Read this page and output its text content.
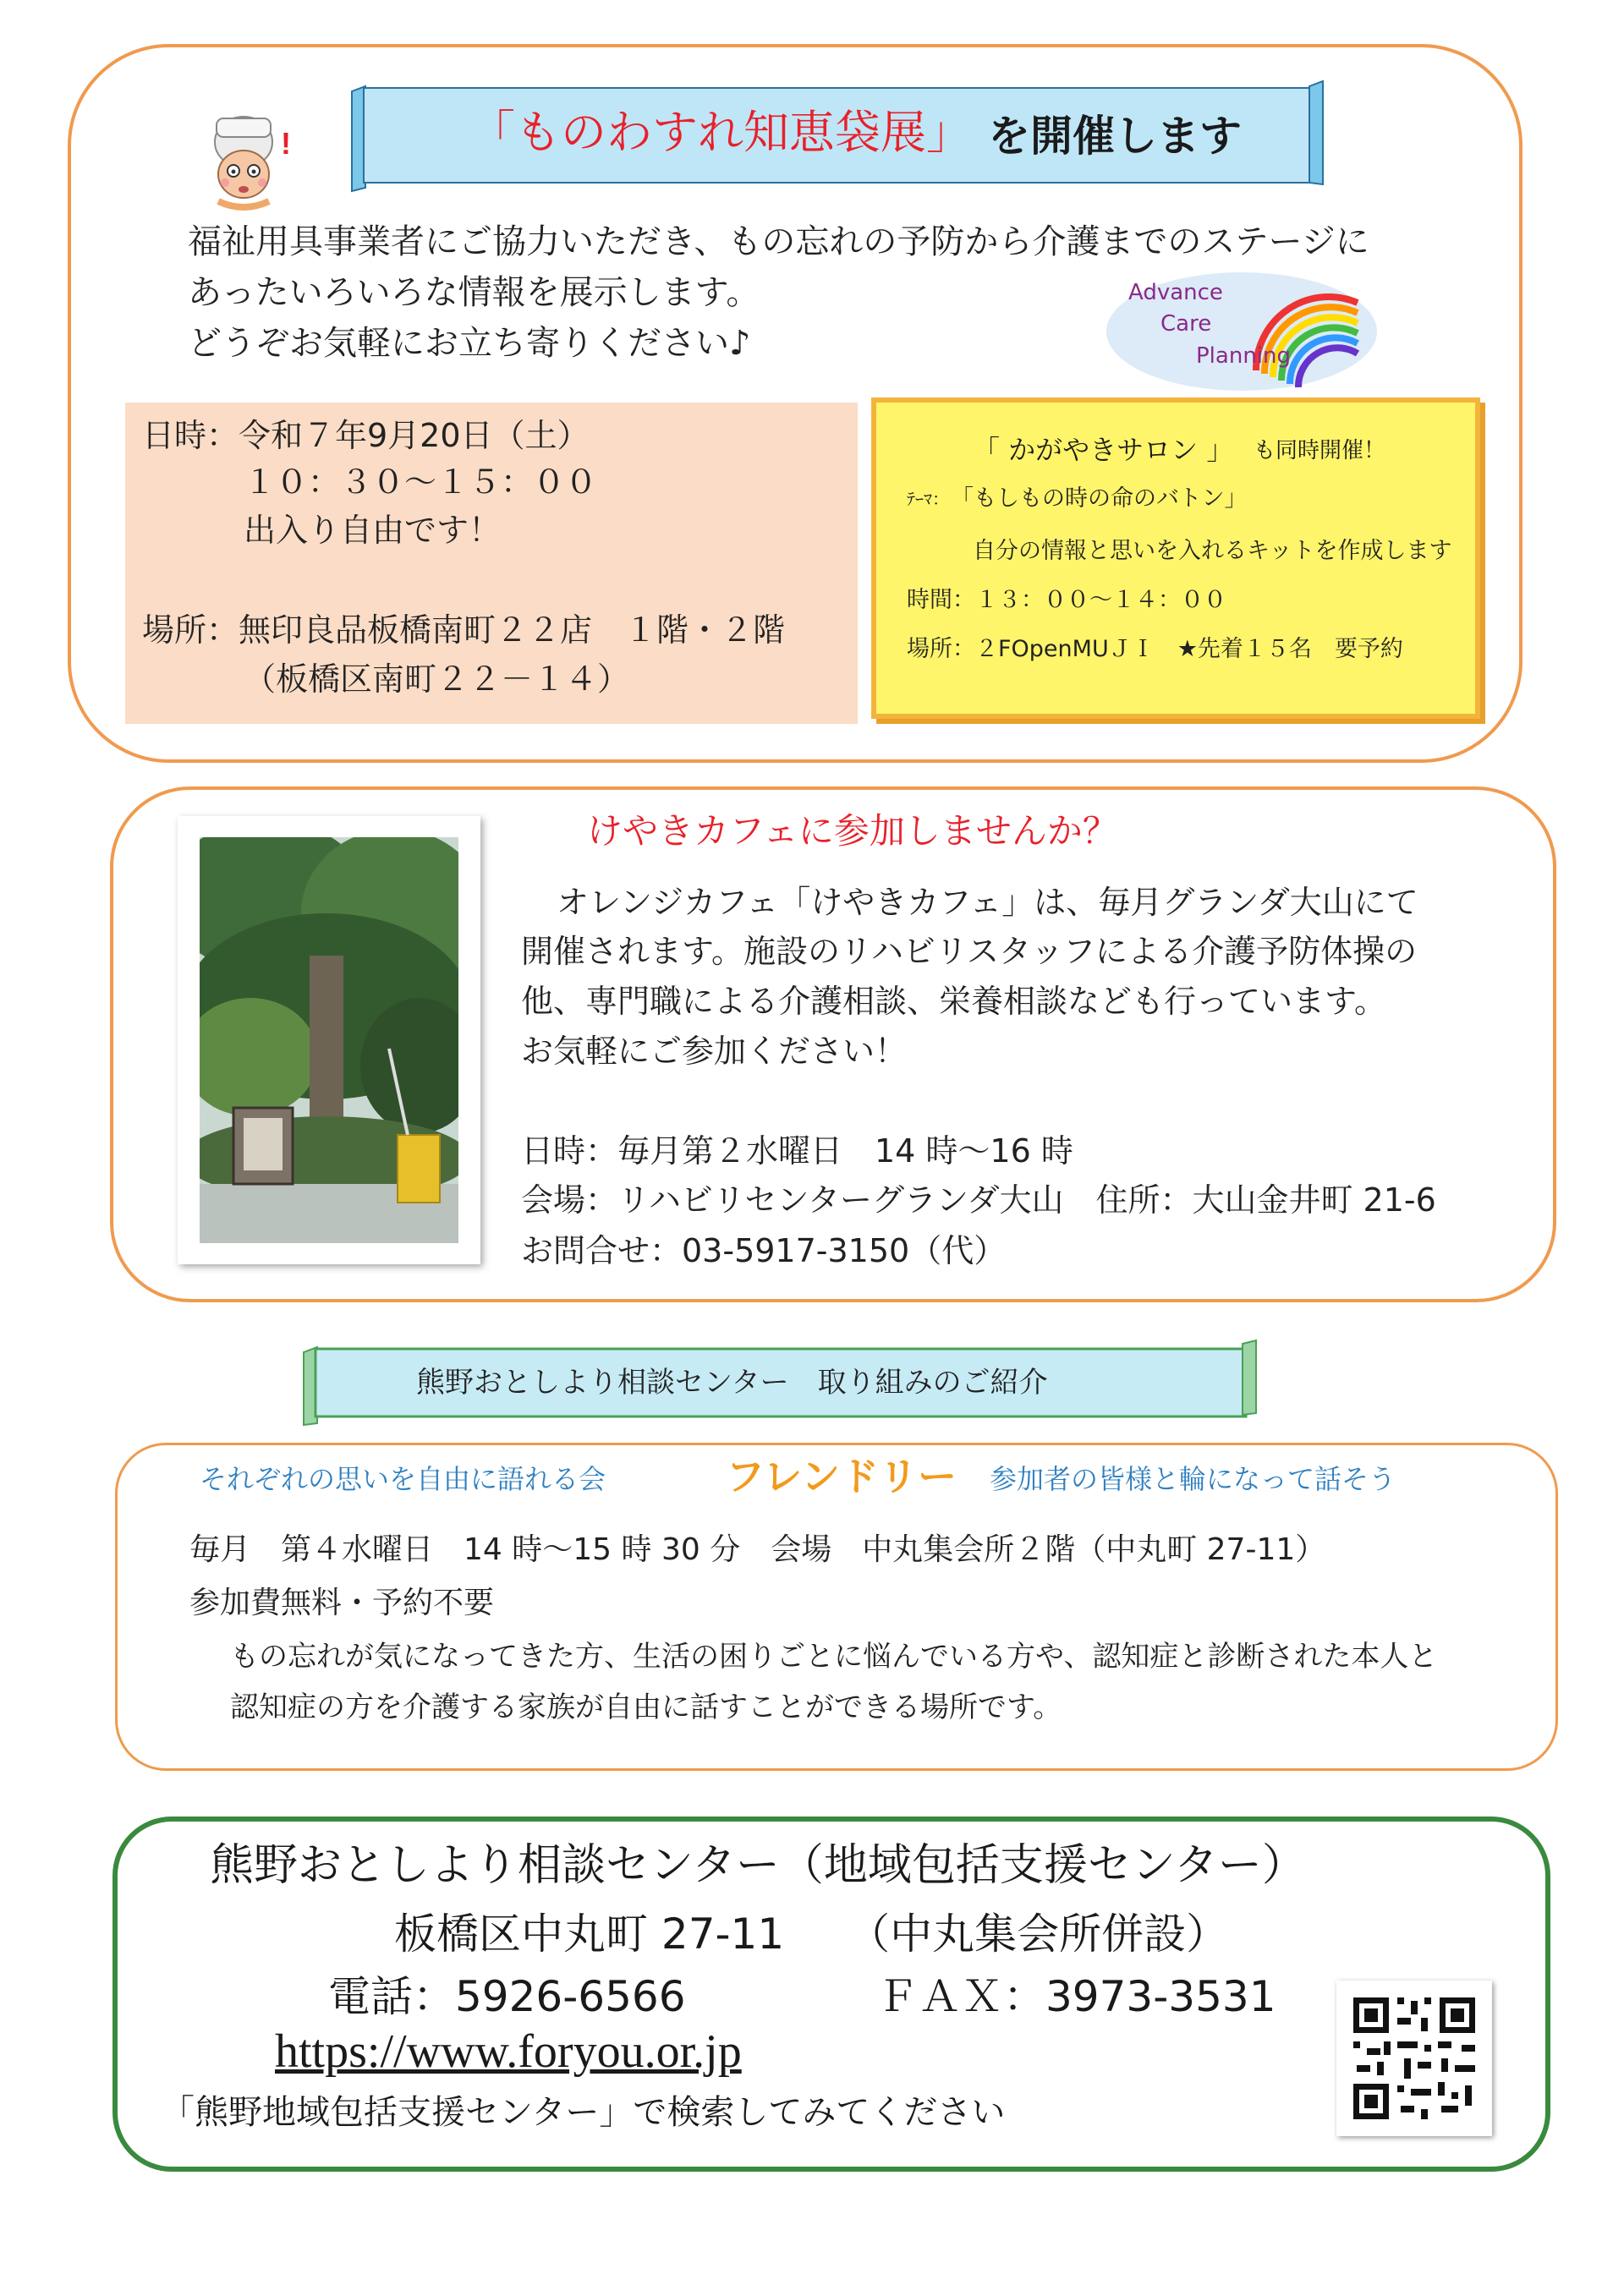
「ものわすれ知恵袋展」 を開催します
!
福祉用具事業者にご協力いただき、もの忘れの予防から介護までのステージに
あったいろいろな情報を展示します。
どうぞお気軽にお立ち寄りください♪
Advance
Care
Planning
日時：令和７年9月20日（土）
１０：３０～１５：００
出入り自由です！
場所：無印良品板橋南町２２店　１階・２階
（板橋区南町２２－１４）
「 かがやきサロン 」 も同時開催！
ﾃｰﾏ： 「もしもの時の命のバトン」
自分の情報と思いを入れるキットを作成します
時間：１３：００～１４：００
場所：２FOpenMUＪＩ　★先着１５名　要予約
けやきカフェに参加しませんか？
オレンジカフェ「けやきカフェ」は、毎月グランダ大山にて
開催されます。施設のリハビリスタッフによる介護予防体操の
他、専門職による介護相談、栄養相談なども行っています。
お気軽にご参加ください！
日時：毎月第２水曜日　14 時～16 時
会場：リハビリセンターグランダ大山　住所：大山金井町 21-6
お問合せ：03-5917-3150（代）
熊野おとしより相談センター　取り組みのご紹介
それぞれの思いを自由に語れる会	フレンドリー 参加者の皆様と輪になって話そう
毎月　第４水曜日　14 時～15 時 30 分　会場　中丸集会所２階（中丸町 27-11）
参加費無料・予約不要
もの忘れが気になってきた方、生活の困りごとに悩んでいる方や、認知症と診断された本人と
認知症の方を介護する家族が自由に話すことができる場所です。
熊野おとしより相談センター（地域包括支援センター）
板橋区中丸町 27-11　　（中丸集会所併設）
電話：5926-6566	ＦＡＸ：3973-3531
https://www.foryou.or.jp
「熊野地域包括支援センター」で検索してみてください
